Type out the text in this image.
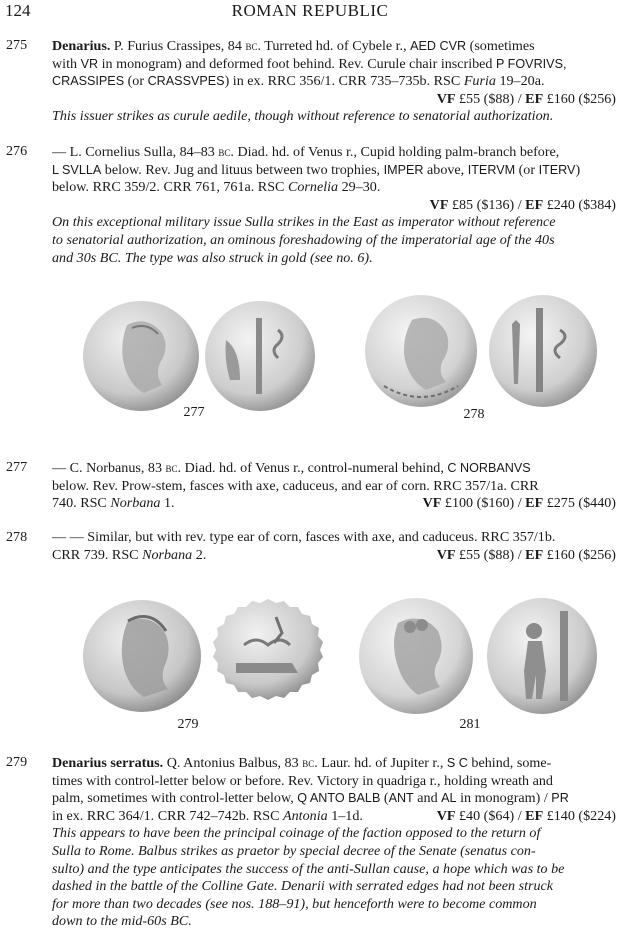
124	ROMAN REPUBLIC
275 Denarius. P. Furius Crassipes, 84 bc. Turreted hd. of Cybele r., AED CVR (sometimes

with VR in monogram) and deformed foot behind. Rev. Curule chair inscribed P FOVRIVS,

CRASSIPES (or CRASSVPES) in ex. RRC 356/1. CRR 735–735b. RSC Furia 19–20a.

VF £55 ($88) / EF £160 ($256)

This issuer strikes as curule aedile, though without reference to senatorial authorization.

276 — L. Cornelius Sulla, 84–83 bc. Diad. hd. of Venus r., Cupid holding palm-branch before,

L SVLLA below. Rev. Jug and lituus between two trophies, IMPER above, ITERVM (or ITERV)

below. RRC 359/2. CRR 761, 761a. RSC Cornelia 29–30.

VF £85 ($136) / EF £240 ($384)

On this exceptional military issue Sulla strikes in the East as imperator without reference

to senatorial authorization, an ominous foreshadowing of the imperatorial age of the 40s

and 30s BC. The type was also struck in gold (see no. 6).

277	278
277 — C. Norbanus, 83 bc. Diad. hd. of Venus r., control-numeral behind, C NORBANVS

below. Rev. Prow-stem, fasces with axe, caduceus, and ear of corn. RRC 357/1a. CRR

740. RSC Norbana 1.	VF £100 ($160) / EF £275 ($440)

278 — — Similar, but with rev. type ear of corn, fasces with axe, and caduceus. RRC 357/1b.

CRR 739. RSC Norbana 2.	VF £55 ($88) / EF £160 ($256)

279	281
279 Denarius serratus. Q. Antonius Balbus, 83 bc. Laur. hd. of Jupiter r., S C behind, some-

times with control-letter below or before. Rev. Victory in quadriga r., holding wreath and

palm, sometimes with control-letter below, Q ANTO BALB (ANT and AL in monogram) / PR

in ex. RRC 364/1. CRR 742–742b. RSC Antonia 1–1d.	VF £40 ($64) / EF £140 ($224)

This appears to have been the principal coinage of the faction opposed to the return of

Sulla to Rome. Balbus strikes as praetor by special decree of the Senate (senatus con-

sulto) and the type anticipates the success of the anti-Sullan cause, a hope which was to be

dashed in the battle of the Colline Gate. Denarii with serrated edges had not been struck

for more than two decades (see nos. 188–91), but henceforth were to become common

down to the mid-60s BC.
